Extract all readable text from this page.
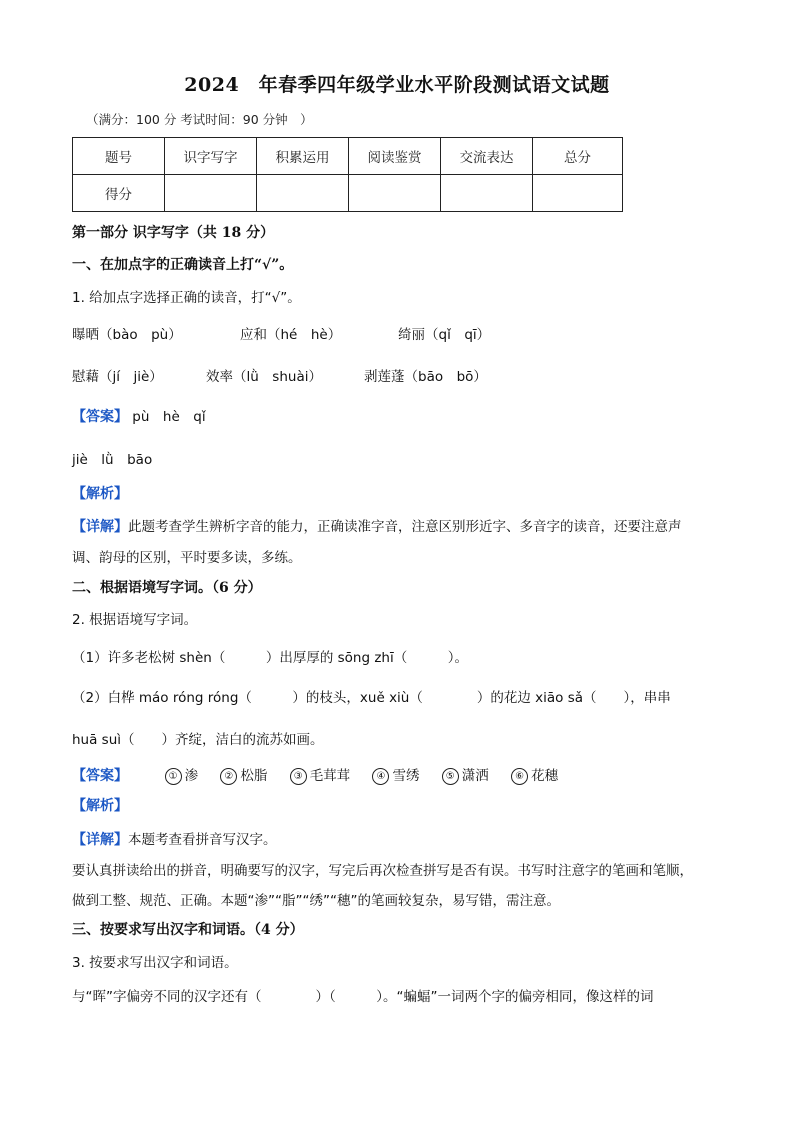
2024　年春季四年级学业水平阶段测试语文试题
（满分：100 分 考试时间：90 分钟　）
题号	识字写字	积累运用	阅读鉴赏	交流表达	总分
得分					
第一部分 识字写字（共 18 分）
一、在加点字的正确读音上打“√”。
1. 给加点字选择正确的读音，打“√”。
曝晒（bào　pù）	应和（hé　hè）	绮丽（qǐ　qī）
慰藉（jí　jiè）	效率（lǜ　shuài）	剥莲蓬（bāo　bō）
【答案】 pù　hè　qǐ
jiè　lǜ　bāo
【解析】
【详解】此题考查学生辨析字音的能力，正确读准字音，注意区别形近字、多音字的读音，还要注意声
调、韵母的区别，平时要多读，多练。
二、根据语境写字词。（6 分）
2. 根据语境写字词。
（1）许多老松树 shèn（　　　）出厚厚的 sōng zhī（　　　）。
（2）白桦 máo róng róng（　　　）的枝头，xuě xiù（　　　　）的花边 xiāo sǎ（　　），串串
huā suì（　　）齐绽，洁白的流苏如画。
【答案】	① 渗	② 松脂	③ 毛茸茸	④ 雪绣	⑤ 潇洒	⑥ 花穗
【解析】
【详解】本题考查看拼音写汉字。
要认真拼读给出的拼音，明确要写的汉字，写完后再次检查拼写是否有误。书写时注意字的笔画和笔顺，
做到工整、规范、正确。本题“渗”“脂”“绣”“穗”的笔画较复杂，易写错，需注意。
三、按要求写出汉字和词语。（4 分）
3. 按要求写出汉字和词语。
与“晖”字偏旁不同的汉字还有（　　　　）（　　　）。“蝙蝠”一词两个字的偏旁相同，像这样的词
